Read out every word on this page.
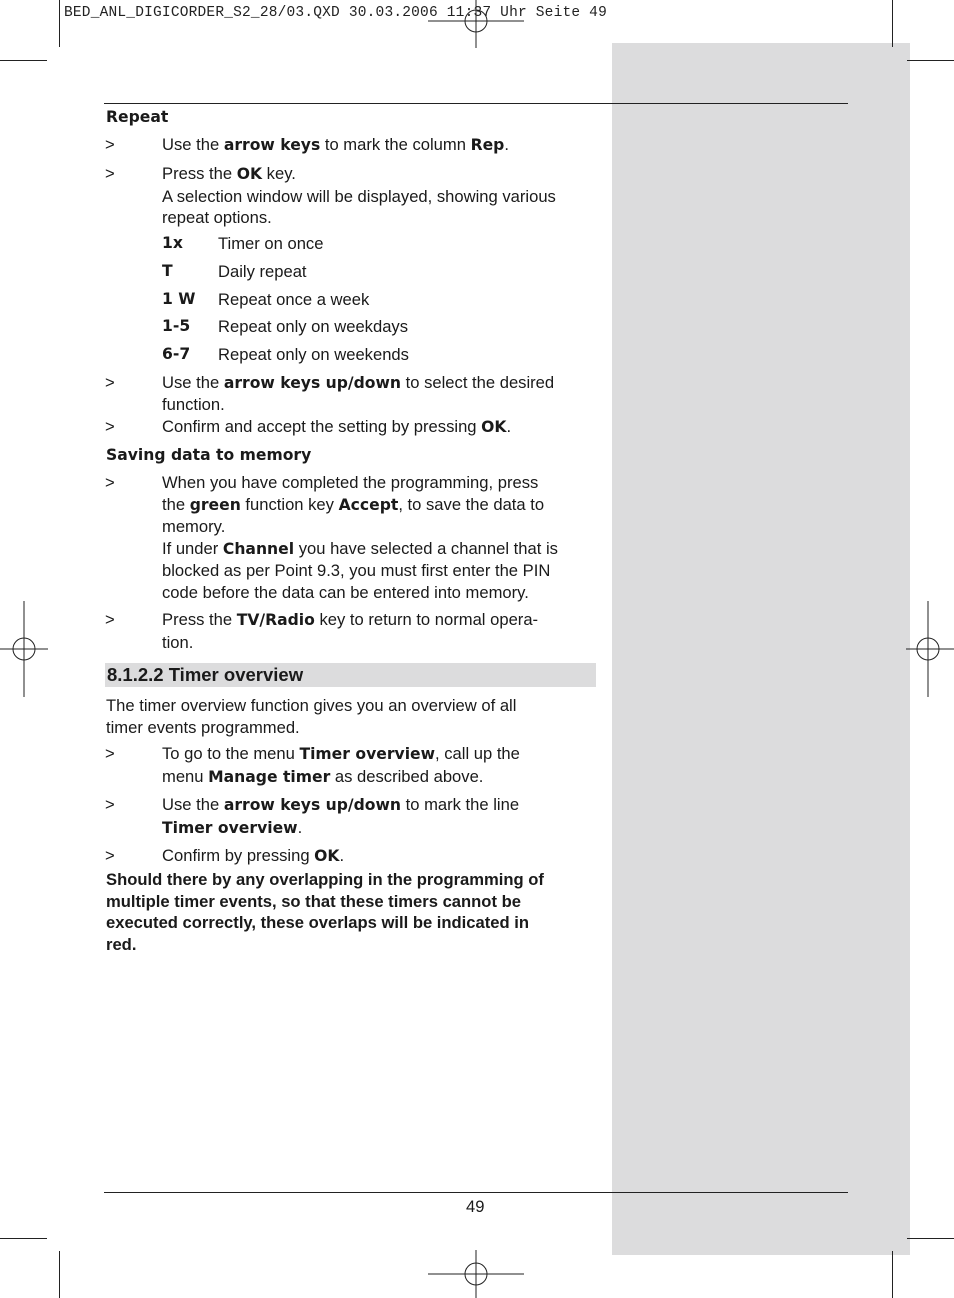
BED_ANL_DIGICORDER_S2_28/03.QXD 30.03.2006 11:37 Uhr Seite 49
Repeat
>	Use the arrow keys to mark the column Rep.
>	Press the OK key.
A selection window will be displayed, showing various
repeat options.
1x Timer on once
T	Daily repeat
1 W Repeat once a week
1-5 Repeat only on weekdays
6-7 Repeat only on weekends
>	Use the arrow keys up/down to select the desired
function.
>	Confirm and accept the setting by pressing OK.
Saving data to memory
>	When you have completed the programming, press
the green function key Accept, to save the data to
memory.
If under Channel you have selected a channel that is
blocked as per Point 9.3, you must first enter the PIN
code before the data can be entered into memory.
>	Press the TV/Radio key to return to normal opera-
tion.
8.1.2.2 Timer overview
The timer overview function gives you an overview of all
timer events programmed.
>	To go to the menu Timer overview, call up the
menu Manage timer as described above.
>	Use the arrow keys up/down to mark the line
Timer overview.
>	Confirm by pressing OK.
Should there by any overlapping in the programming of
multiple timer events, so that these timers cannot be
executed correctly, these overlaps will be indicated in
red.
49
